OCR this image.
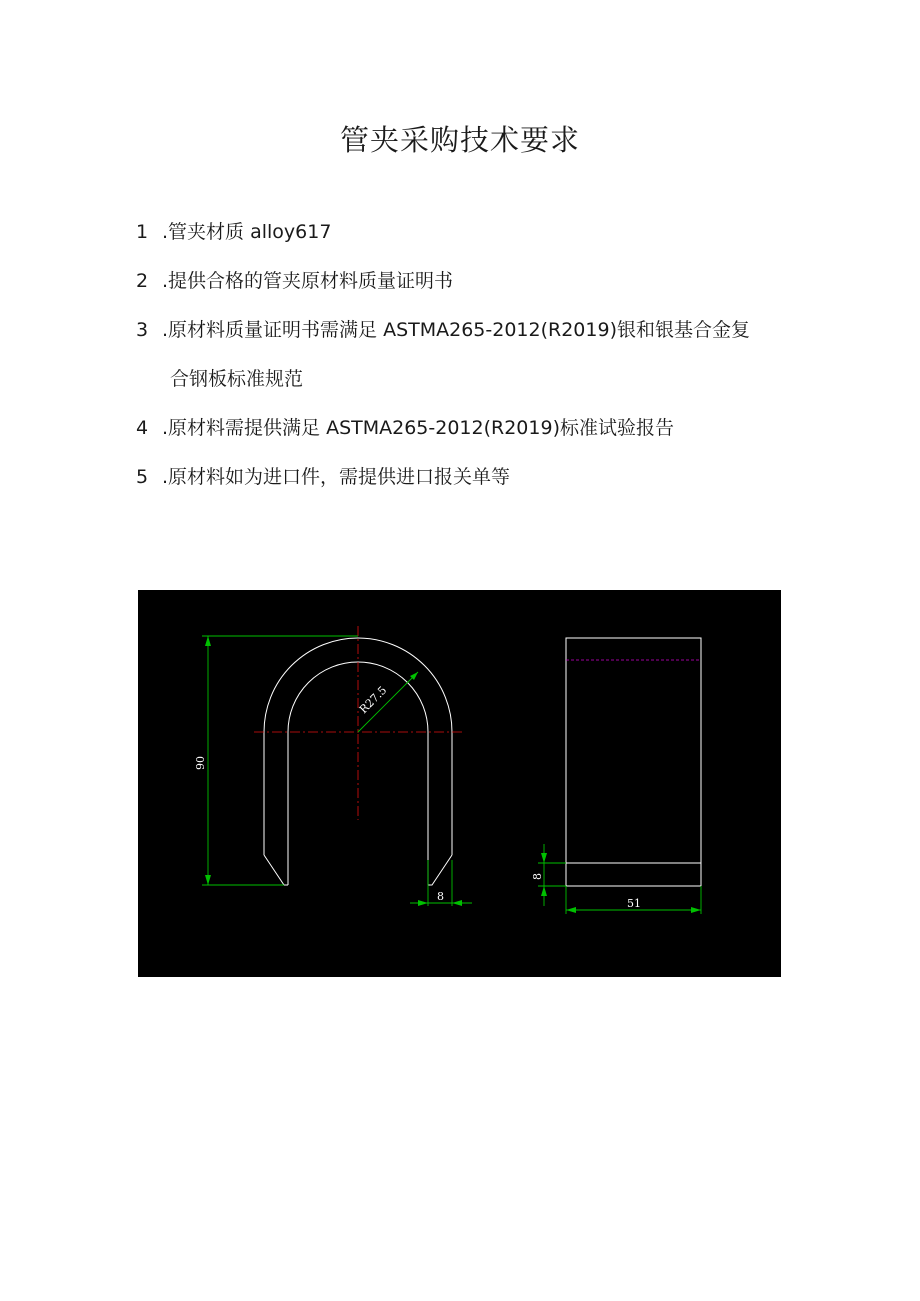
管夹采购技术要求
1 .管夹材质 alloy617
2 .提供合格的管夹原材料质量证明书
3 .原材料质量证明书需满足 ASTMA265-2012(R2019)银和银基合金复
合钢板标准规范
4 .原材料需提供满足 ASTMA265-2012(R2019)标准试验报告
5 .原材料如为进口件，需提供进口报关单等
R27.5
90
8
8
51
